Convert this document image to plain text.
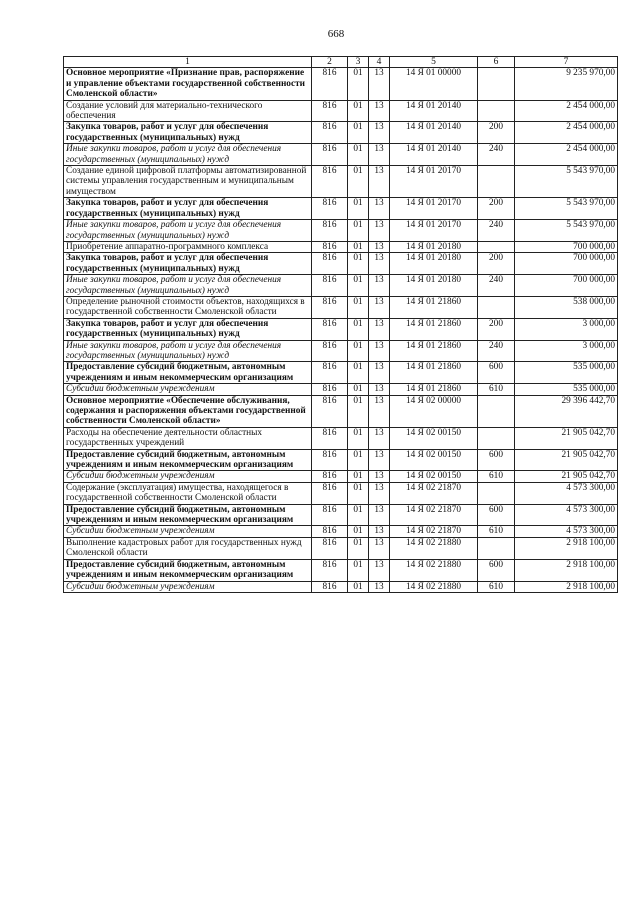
668
1	2	3	4	5	6	7
Основное мероприятие «Признание прав, распоряжение и управление объектами государственной собственности Смоленской области»	816	01	13	14 Я 01 00000		9 235 970,00
Создание условий для материально-технического обеспечения	816	01	13	14 Я 01 20140		2 454 000,00
Закупка товаров, работ и услуг для обеспечения государственных (муниципальных) нужд	816	01	13	14 Я 01 20140	200	2 454 000,00
Иные закупки товаров, работ и услуг для обеспечения государственных (муниципальных) нужд	816	01	13	14 Я 01 20140	240	2 454 000,00
Создание единой цифровой платформы автоматизированной системы управления государственным и муниципальным имуществом	816	01	13	14 Я 01 20170		5 543 970,00
Закупка товаров, работ и услуг для обеспечения государственных (муниципальных) нужд	816	01	13	14 Я 01 20170	200	5 543 970,00
Иные закупки товаров, работ и услуг для обеспечения государственных (муниципальных) нужд	816	01	13	14 Я 01 20170	240	5 543 970,00
Приобретение аппаратно-программного комплекса	816	01	13	14 Я 01 20180		700 000,00
Закупка товаров, работ и услуг для обеспечения государственных (муниципальных) нужд	816	01	13	14 Я 01 20180	200	700 000,00
Иные закупки товаров, работ и услуг для обеспечения государственных (муниципальных) нужд	816	01	13	14 Я 01 20180	240	700 000,00
Определение рыночной стоимости объектов, находящихся в государственной собственности Смоленской области	816	01	13	14 Я 01 21860		538 000,00
Закупка товаров, работ и услуг для обеспечения государственных (муниципальных) нужд	816	01	13	14 Я 01 21860	200	3 000,00
Иные закупки товаров, работ и услуг для обеспечения государственных (муниципальных) нужд	816	01	13	14 Я 01 21860	240	3 000,00
Предоставление субсидий бюджетным, автономным учреждениям и иным некоммерческим организациям	816	01	13	14 Я 01 21860	600	535 000,00
Субсидии бюджетным учреждениям	816	01	13	14 Я 01 21860	610	535 000,00
Основное мероприятие «Обеспечение обслуживания, содержания и распоряжения объектами государственной собственности Смоленской области»	816	01	13	14 Я 02 00000		29 396 442,70
Расходы на обеспечение деятельности областных государственных учреждений	816	01	13	14 Я 02 00150		21 905 042,70
Предоставление субсидий бюджетным, автономным учреждениям и иным некоммерческим организациям	816	01	13	14 Я 02 00150	600	21 905 042,70
Субсидии бюджетным учреждениям	816	01	13	14 Я 02 00150	610	21 905 042,70
Содержание (эксплуатация) имущества, находящегося в государственной собственности Смоленской области	816	01	13	14 Я 02 21870		4 573 300,00
Предоставление субсидий бюджетным, автономным учреждениям и иным некоммерческим организациям	816	01	13	14 Я 02 21870	600	4 573 300,00
Субсидии бюджетным учреждениям	816	01	13	14 Я 02 21870	610	4 573 300,00
Выполнение кадастровых работ для государственных нужд Смоленской области	816	01	13	14 Я 02 21880		2 918 100,00
Предоставление субсидий бюджетным, автономным учреждениям и иным некоммерческим организациям	816	01	13	14 Я 02 21880	600	2 918 100,00
Субсидии бюджетным учреждениям	816	01	13	14 Я 02 21880	610	2 918 100,00
